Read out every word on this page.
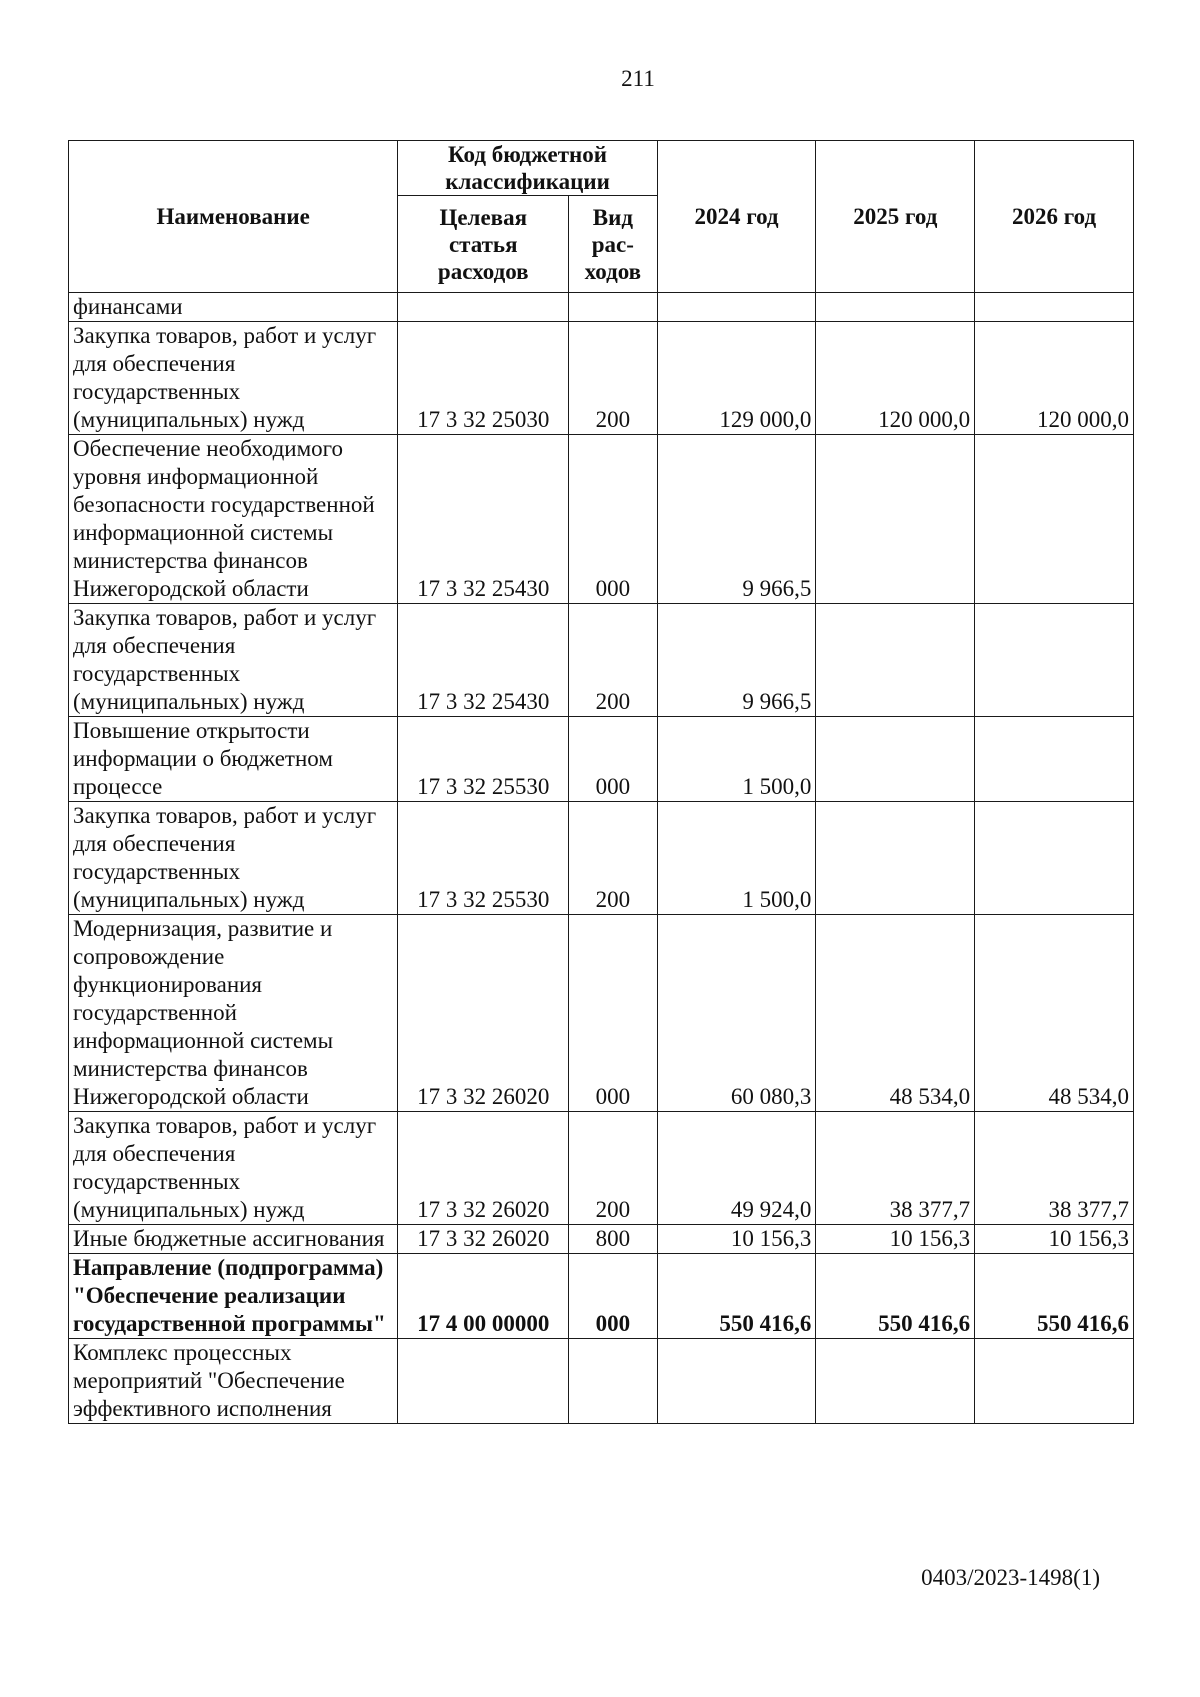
211
Наименование	Код бюджетной классификации		2024 год	2025 год	2026 год
	Целевая статья расходов	Вид рас-ходов			
финансами					
Закупка товаров, работ и услуг для обеспечения государственных (муниципальных) нужд	17 3 32 25030	200	129 000,0	120 000,0	120 000,0
Обеспечение необходимого уровня информационной безопасности государственной информационной системы министерства финансов Нижегородской области	17 3 32 25430	000	9 966,5		
Закупка товаров, работ и услуг для обеспечения государственных (муниципальных) нужд	17 3 32 25430	200	9 966,5		
Повышение открытости информации о бюджетном процессе	17 3 32 25530	000	1 500,0		
Закупка товаров, работ и услуг для обеспечения государственных (муниципальных) нужд	17 3 32 25530	200	1 500,0		
Модернизация, развитие и сопровождение функционирования государственной информационной системы министерства финансов Нижегородской области	17 3 32 26020	000	60 080,3	48 534,0	48 534,0
Закупка товаров, работ и услуг для обеспечения государственных (муниципальных) нужд	17 3 32 26020	200	49 924,0	38 377,7	38 377,7
Иные бюджетные ассигнования	17 3 32 26020	800	10 156,3	10 156,3	10 156,3
Направление (подпрограмма) "Обеспечение реализации государственной программы"	17 4 00 00000	000	550 416,6	550 416,6	550 416,6
Комплекс процессных мероприятий "Обеспечение эффективного исполнения					
0403/2023-1498(1)
